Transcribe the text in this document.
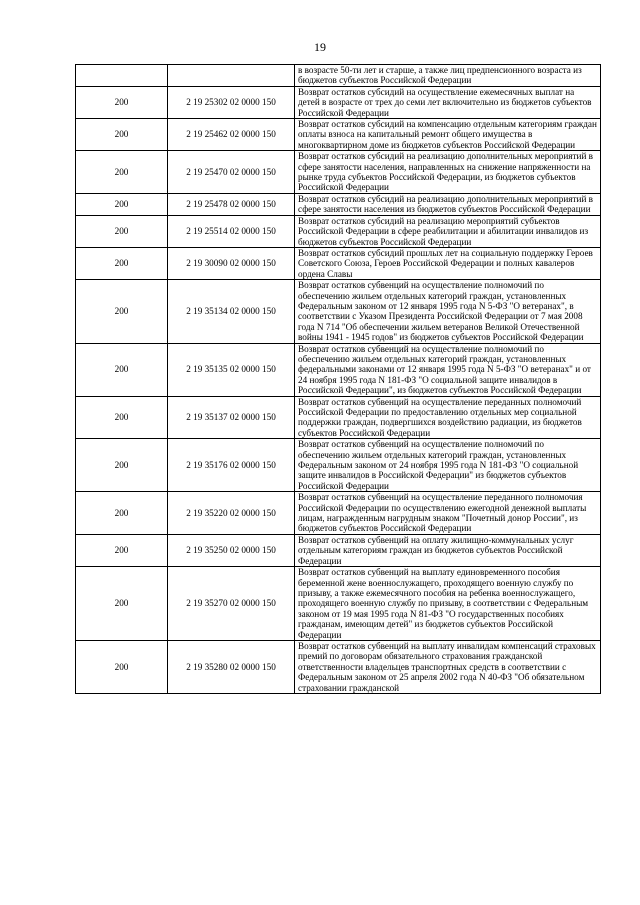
19
		в возрасте 50-ти лет и старше, а также лиц предпенсионного возраста из бюджетов субъектов Российской Федерации
200	2 19 25302 02 0000 150	Возврат остатков субсидий на осуществление ежемесячных выплат на детей в возрасте от трех до семи лет включительно из бюджетов субъектов Российской Федерации
200	2 19 25462 02 0000 150	Возврат остатков субсидий на компенсацию отдельным категориям граждан оплаты взноса на капитальный ремонт общего имущества в многоквартирном доме из бюджетов субъектов Российской Федерации
200	2 19 25470 02 0000 150	Возврат остатков субсидий на реализацию дополнительных мероприятий в сфере занятости населения, направленных на снижение напряженности на рынке труда субъектов Российской Федерации, из бюджетов субъектов Российской Федерации
200	2 19 25478 02 0000 150	Возврат остатков субсидий на реализацию дополнительных мероприятий в сфере занятости населения из бюджетов субъектов Российской Федерации
200	2 19 25514 02 0000 150	Возврат остатков субсидий на реализацию мероприятий субъектов Российской Федерации в сфере реабилитации и абилитации инвалидов из бюджетов субъектов Российской Федерации
200	2 19 30090 02 0000 150	Возврат остатков субсидий прошлых лет на социальную поддержку Героев Советского Союза, Героев Российской Федерации и полных кавалеров ордена Славы
200	2 19 35134 02 0000 150	Возврат остатков субвенций на осуществление полномочий по обеспечению жильем отдельных категорий граждан, установленных Федеральным законом от 12 января 1995 года N 5-ФЗ "О ветеранах", в соответствии с Указом Президента Российской Федерации от 7 мая 2008 года N 714 "Об обеспечении жильем ветеранов Великой Отечественной войны 1941 - 1945 годов" из бюджетов субъектов Российской Федерации
200	2 19 35135 02 0000 150	Возврат остатков субвенций на осуществление полномочий по обеспечению жильем отдельных категорий граждан, установленных федеральными законами от 12 января 1995 года N 5-ФЗ "О ветеранах" и от 24 ноября 1995 года N 181-ФЗ "О социальной защите инвалидов в Российской Федерации", из бюджетов субъектов Российской Федерации
200	2 19 35137 02 0000 150	Возврат остатков субвенций на осуществление переданных полномочий Российской Федерации по предоставлению отдельных мер социальной поддержки граждан, подвергшихся воздействию радиации, из бюджетов субъектов Российской Федерации
200	2 19 35176 02 0000 150	Возврат остатков субвенций на осуществление полномочий по обеспечению жильем отдельных категорий граждан, установленных Федеральным законом от 24 ноября 1995 года N 181-ФЗ "О социальной защите инвалидов в Российской Федерации" из бюджетов субъектов Российской Федерации
200	2 19 35220 02 0000 150	Возврат остатков субвенций на осуществление переданного полномочия Российской Федерации по осуществлению ежегодной денежной выплаты лицам, награжденным нагрудным знаком "Почетный донор России", из бюджетов субъектов Российской Федерации
200	2 19 35250 02 0000 150	Возврат остатков субвенций на оплату жилищно-коммунальных услуг отдельным категориям граждан из бюджетов субъектов Российской Федерации
200	2 19 35270 02 0000 150	Возврат остатков субвенций на выплату единовременного пособия беременной жене военнослужащего, проходящего военную службу по призыву, а также ежемесячного пособия на ребенка военнослужащего, проходящего военную службу по призыву, в соответствии с Федеральным законом от 19 мая 1995 года N 81-ФЗ "О государственных пособиях гражданам, имеющим детей" из бюджетов субъектов Российской Федерации
200	2 19 35280 02 0000 150	Возврат остатков субвенций на выплату инвалидам компенсаций страховых премий по договорам обязательного страхования гражданской ответственности владельцев транспортных средств в соответствии с Федеральным законом от 25 апреля 2002 года N 40-ФЗ "Об обязательном страховании гражданской
